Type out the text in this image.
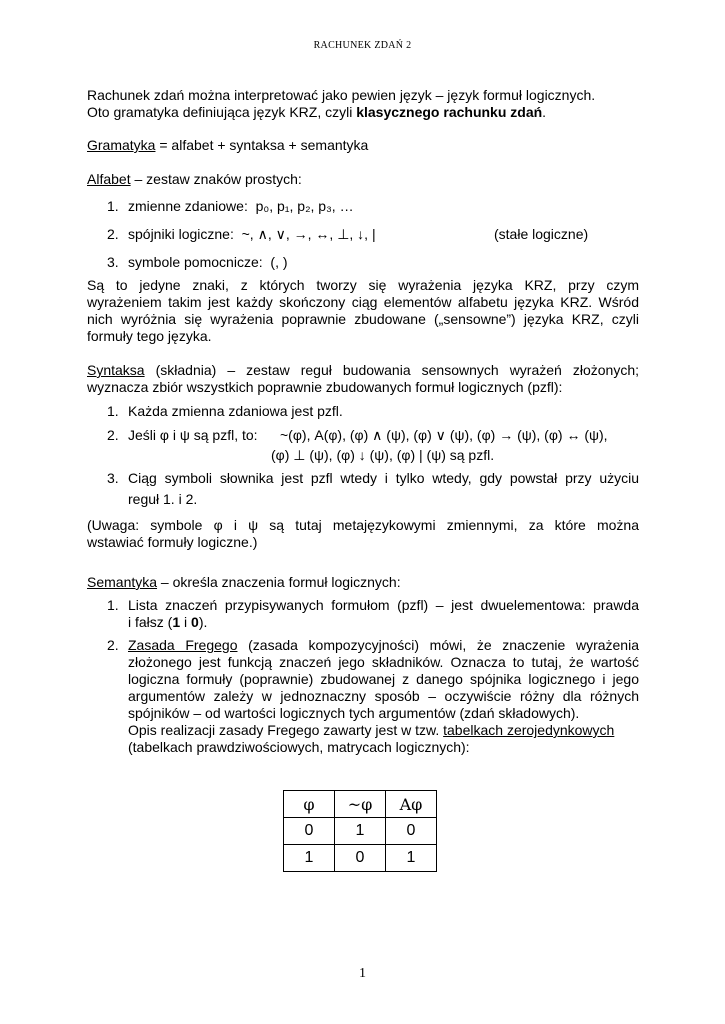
RACHUNEK ZDAŃ 2
Rachunek zdań można interpretować jako pewien język – język formuł logicznych.
Oto gramatyka definiująca język KRZ, czyli klasycznego rachunku zdań.
Gramatyka = alfabet + syntaksa + semantyka
Alfabet – zestaw znaków prostych:
1. zmienne zdaniowe: p₀, p₁, p₂, p₃, …
2. spójniki logiczne: ~, ∧, ∨, →, ↔, ⊥, ↓, |	(stałe logiczne)
3. symbole pomocnicze: (, )
Są to jedyne znaki, z których tworzy się wyrażenia języka KRZ, przy czym
wyrażeniem takim jest każdy skończony ciąg elementów alfabetu języka KRZ. Wśród
nich wyróżnia się wyrażenia poprawnie zbudowane („sensowne”) języka KRZ, czyli
formuły tego języka.
Syntaksa (składnia) – zestaw reguł budowania sensownych wyrażeń złożonych;
wyznacza zbiór wszystkich poprawnie zbudowanych formuł logicznych (pzfl):
1. Każda zmienna zdaniowa jest pzfl.
2. Jeśli φ i ψ są pzfl, to: ~(φ), A(φ), (φ) ∧ (ψ), (φ) ∨ (ψ), (φ) → (ψ), (φ) ↔ (ψ),
(φ) ⊥ (ψ), (φ) ↓ (ψ), (φ) | (ψ) są pzfl.
3. Ciąg symboli słownika jest pzfl wtedy i tylko wtedy, gdy powstał przy użyciu
reguł 1. i 2.
(Uwaga: symbole φ i ψ są tutaj metajęzykowymi zmiennymi, za które można
wstawiać formuły logiczne.)
Semantyka – określa znaczenia formuł logicznych:
1. Lista znaczeń przypisywanych formułom (pzfl) – jest dwuelementowa: prawda
i fałsz (1 i 0).
2. Zasada Fregego (zasada kompozycyjności) mówi, że znaczenie wyrażenia
złożonego jest funkcją znaczeń jego składników. Oznacza to tutaj, że wartość
logiczna formuły (poprawnie) zbudowanej z danego spójnika logicznego i jego
argumentów zależy w jednoznaczny sposób – oczywiście różny dla różnych
spójników – od wartości logicznych tych argumentów (zdań składowych).
Opis realizacji zasady Fregego zawarty jest w tzw. tabelkach zerojedynkowych
(tabelkach prawdziwościowych, matrycach logicznych):
φ	~φ	Aφ
0	1	0
1	0	1
1
